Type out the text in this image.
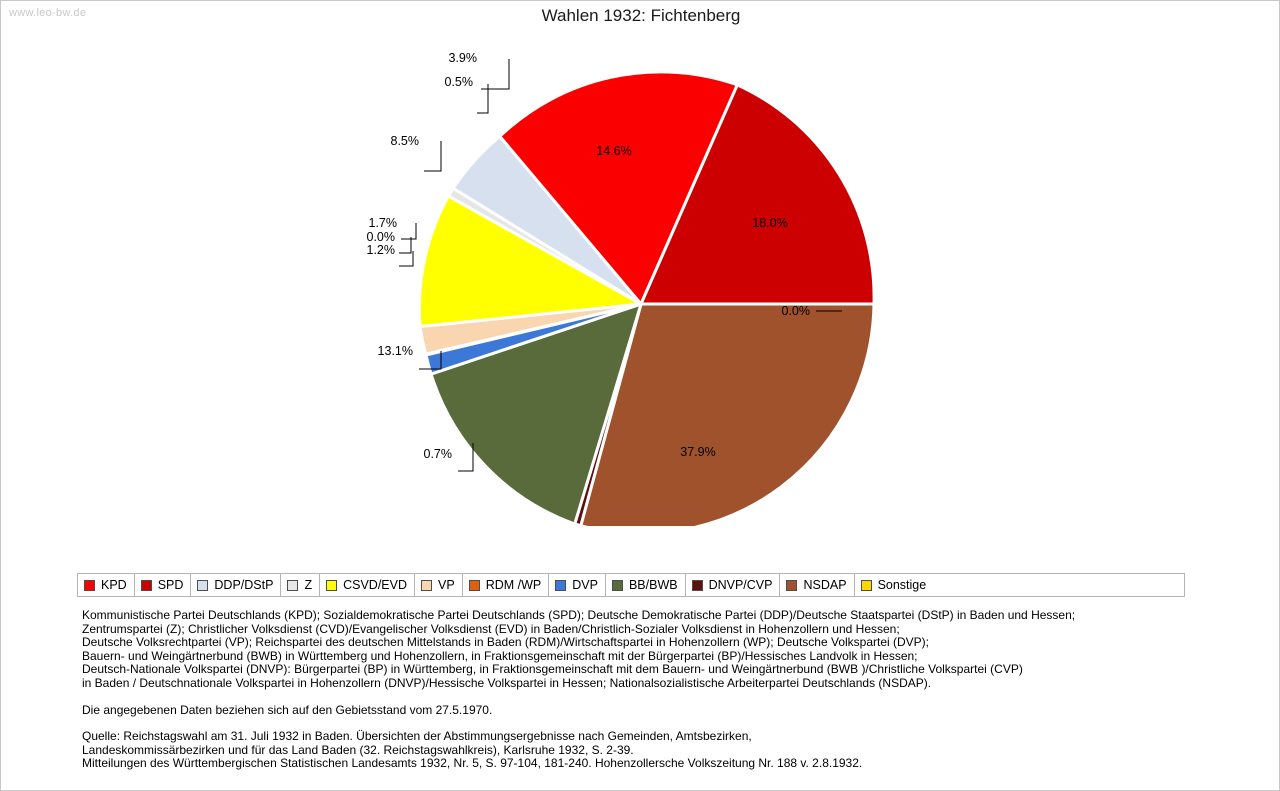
www.leo-bw.de	Wahlen 1932: Fichtenberg
14.6%
18.0%
37.9%
0.0%
3.9%
0.5%
8.5%
1.7%
0.0%
1.2%
13.1%
0.7%
KPD SPD DDP/DStP Z CSVD/EVD VP RDM /WP DVP BB/BWB DNVP/CVP NSDAP Sonstige

Kommunistische Partei Deutschlands (KPD); Sozialdemokratische Partei Deutschlands (SPD); Deutsche Demokratische Partei (DDP)/Deutsche Staatspartei (DStP) in Baden und Hessen;

Zentrumspartei (Z); Christlicher Volksdienst (CVD)/Evangelischer Volksdienst (EVD) in Baden/Christlich-Sozialer Volksdienst in Hohenzollern und Hessen;

Deutsche Volksrechtpartei (VP); Reichspartei des deutschen Mittelstands in Baden (RDM)/Wirtschaftspartei in Hohenzollern (WP); Deutsche Volkspartei (DVP);

Bauern- und Weingärtnerbund (BWB) in Württemberg und Hohenzollern, in Fraktionsgemeinschaft mit der Bürgerpartei (BP)/Hessisches Landvolk in Hessen;

Deutsch-Nationale Volkspartei (DNVP): Bürgerpartei (BP) in Württemberg, in Fraktionsgemeinschaft mit dem Bauern- und Weingärtnerbund (BWB )/Christliche Volkspartei (CVP)

in Baden / Deutschnationale Volkspartei in Hohenzollern (DNVP)/Hessische Volkspartei in Hessen; Nationalsozialistische Arbeiterpartei Deutschlands (NSDAP).

Die angegebenen Daten beziehen sich auf den Gebietsstand vom 27.5.1970.

Quelle: Reichstagswahl am 31. Juli 1932 in Baden. Übersichten der Abstimmungsergebnisse nach Gemeinden, Amtsbezirken,

Landeskommissärbezirken und für das Land Baden (32. Reichstagswahlkreis), Karlsruhe 1932, S. 2-39.

Mitteilungen des Württembergischen Statistischen Landesamts 1932, Nr. 5, S. 97-104, 181-240. Hohenzollersche Volkszeitung Nr. 188 v. 2.8.1932.
